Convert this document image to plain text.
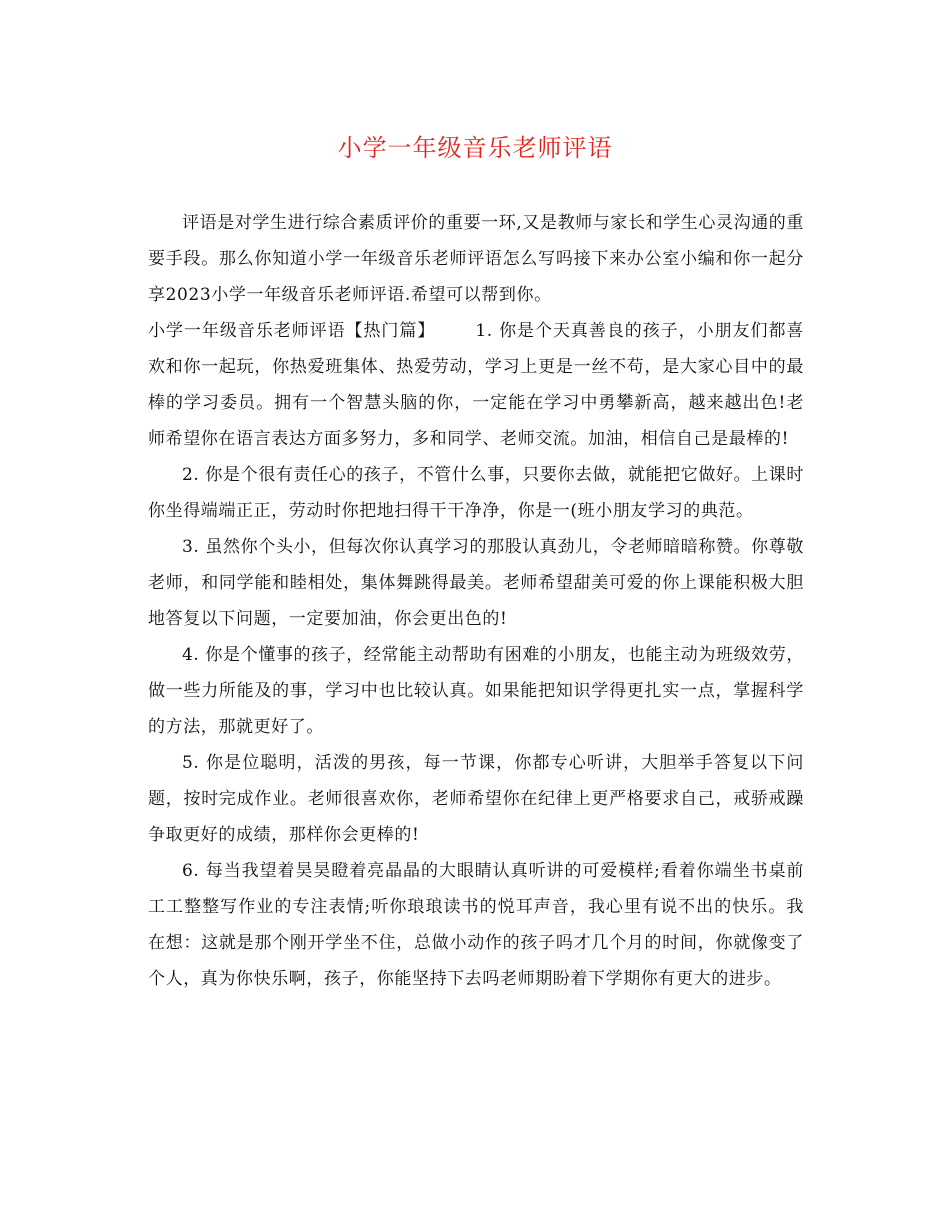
小学一年级音乐老师评语

评语是对学生进行综合素质评价的重要一环,又是教师与家长和学生心灵沟通的重要手段。那么你知道小学一年级音乐老师评语怎么写吗接下来办公室小编和你一起分享2023小学一年级音乐老师评语.希望可以帮到你。

小学一年级音乐老师评语【热门篇】 1. 你是个天真善良的孩子，小朋友们都喜欢和你一起玩，你热爱班集体、热爱劳动，学习上更是一丝不苟，是大家心目中的最棒的学习委员。拥有一个智慧头脑的你，一定能在学习中勇攀新高，越来越出色!老师希望你在语言表达方面多努力，多和同学、老师交流。加油，相信自己是最棒的!

2. 你是个很有责任心的孩子，不管什么事，只要你去做，就能把它做好。上课时你坐得端端正正，劳动时你把地扫得干干净净，你是一(班小朋友学习的典范。

3. 虽然你个头小，但每次你认真学习的那股认真劲儿，令老师暗暗称赞。你尊敬老师，和同学能和睦相处，集体舞跳得最美。老师希望甜美可爱的你上课能积极大胆地答复以下问题，一定要加油，你会更出色的!

4. 你是个懂事的孩子，经常能主动帮助有困难的小朋友，也能主动为班级效劳，做一些力所能及的事，学习中也比较认真。如果能把知识学得更扎实一点，掌握科学的方法，那就更好了。

5. 你是位聪明，活泼的男孩，每一节课，你都专心听讲，大胆举手答复以下问题，按时完成作业。老师很喜欢你，老师希望你在纪律上更严格要求自己，戒骄戒躁争取更好的成绩，那样你会更棒的!

6. 每当我望着昊昊瞪着亮晶晶的大眼睛认真听讲的可爱模样;看着你端坐书桌前工工整整写作业的专注表情;听你琅琅读书的悦耳声音，我心里有说不出的快乐。我在想：这就是那个刚开学坐不住，总做小动作的孩子吗才几个月的时间，你就像变了个人，真为你快乐啊，孩子，你能坚持下去吗老师期盼着下学期你有更大的进步。
